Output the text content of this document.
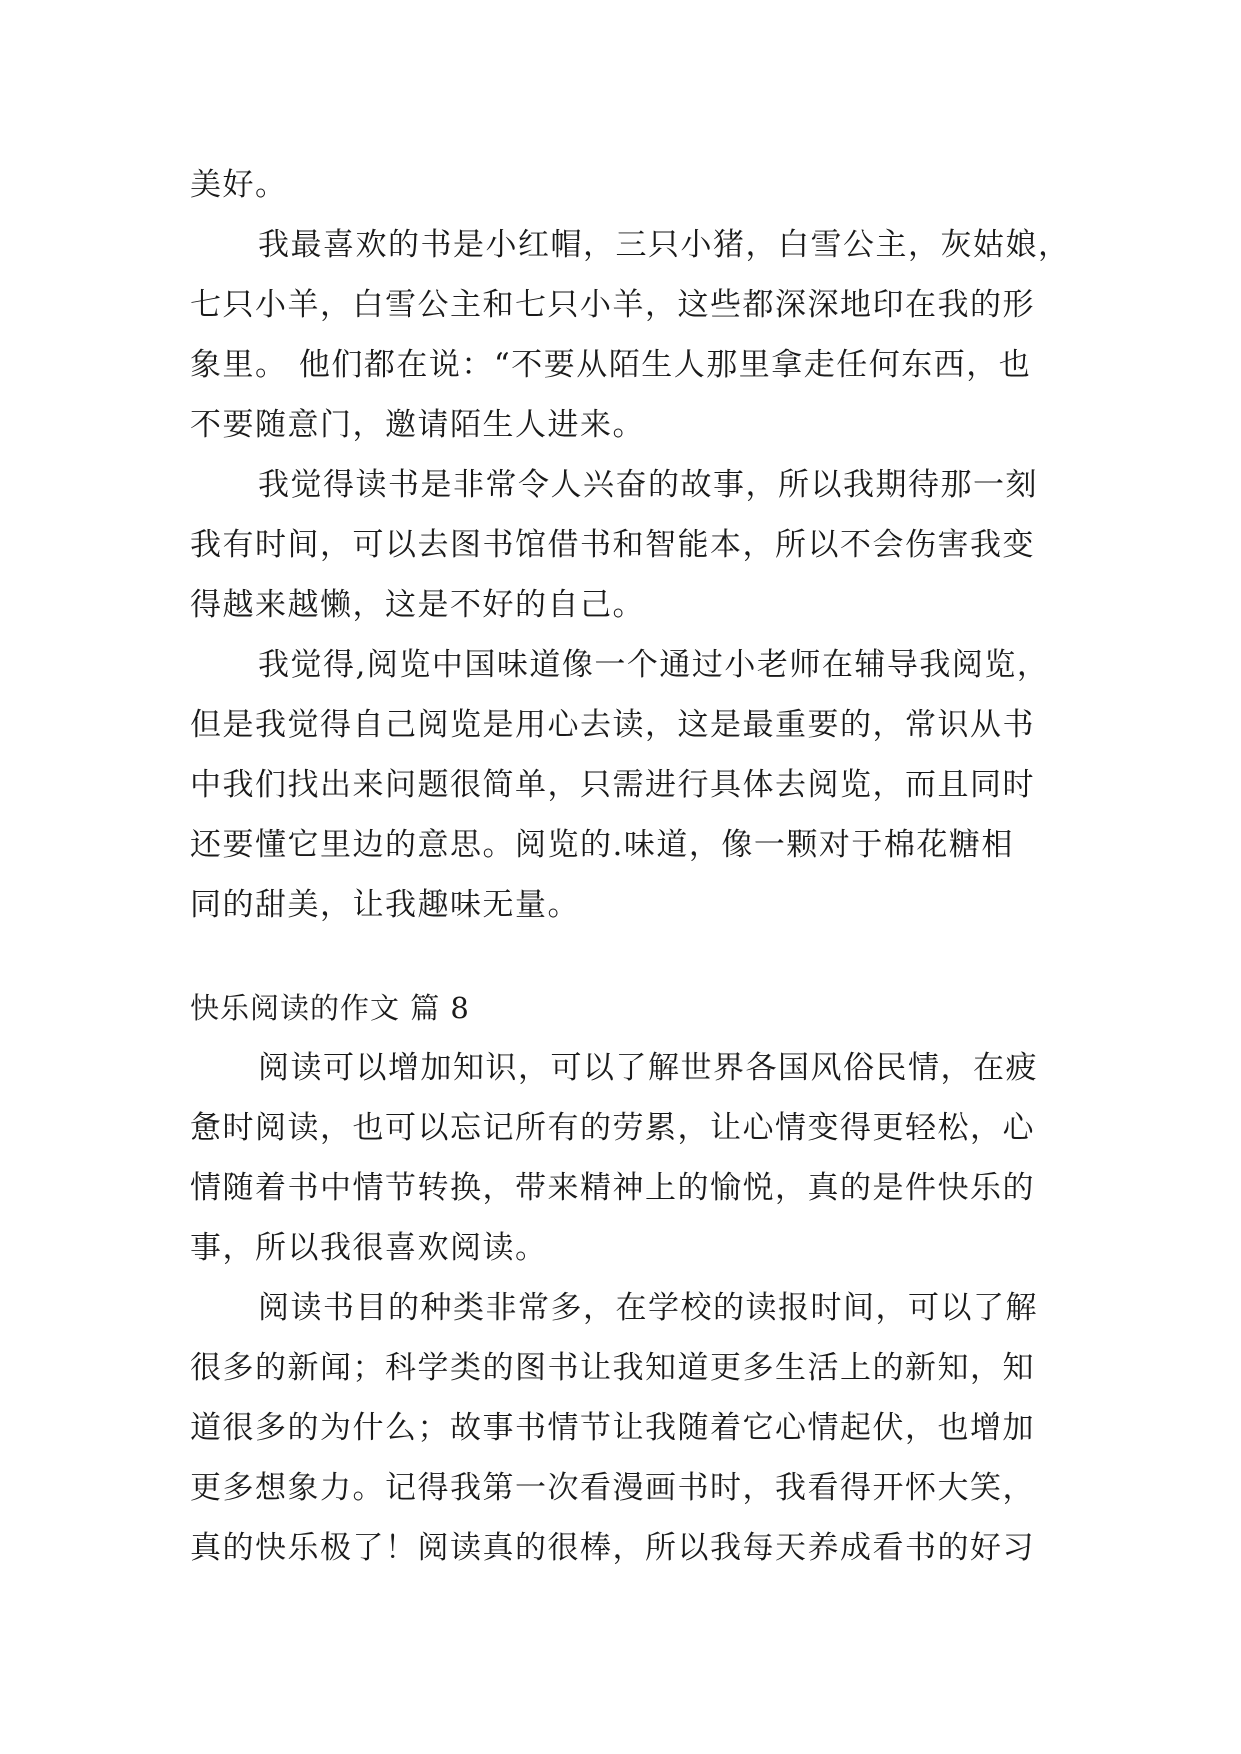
美好。
我最喜欢的书是小红帽，三只小猪，白雪公主，灰姑娘，
七只小羊，白雪公主和七只小羊，这些都深深地印在我的形
象里。 他们都在说：“不要从陌生人那里拿走任何东西，也
不要随意门，邀请陌生人进来。
我觉得读书是非常令人兴奋的故事，所以我期待那一刻
我有时间，可以去图书馆借书和智能本，所以不会伤害我变
得越来越懒，这是不好的自己。
我觉得,阅览中国味道像一个通过小老师在辅导我阅览，
但是我觉得自己阅览是用心去读，这是最重要的，常识从书
中我们找出来问题很简单，只需进行具体去阅览，而且同时
还要懂它里边的意思。阅览的.味道，像一颗对于棉花糖相
同的甜美，让我趣味无量。
快乐阅读的作文 篇 8
阅读可以增加知识，可以了解世界各国风俗民情，在疲
惫时阅读，也可以忘记所有的劳累，让心情变得更轻松，心
情随着书中情节转换，带来精神上的愉悦，真的是件快乐的
事，所以我很喜欢阅读。
阅读书目的种类非常多，在学校的读报时间，可以了解
很多的新闻；科学类的图书让我知道更多生活上的新知，知
道很多的为什么；故事书情节让我随着它心情起伏，也增加
更多想象力。记得我第一次看漫画书时，我看得开怀大笑，
真的快乐极了！阅读真的很棒，所以我每天养成看书的好习
